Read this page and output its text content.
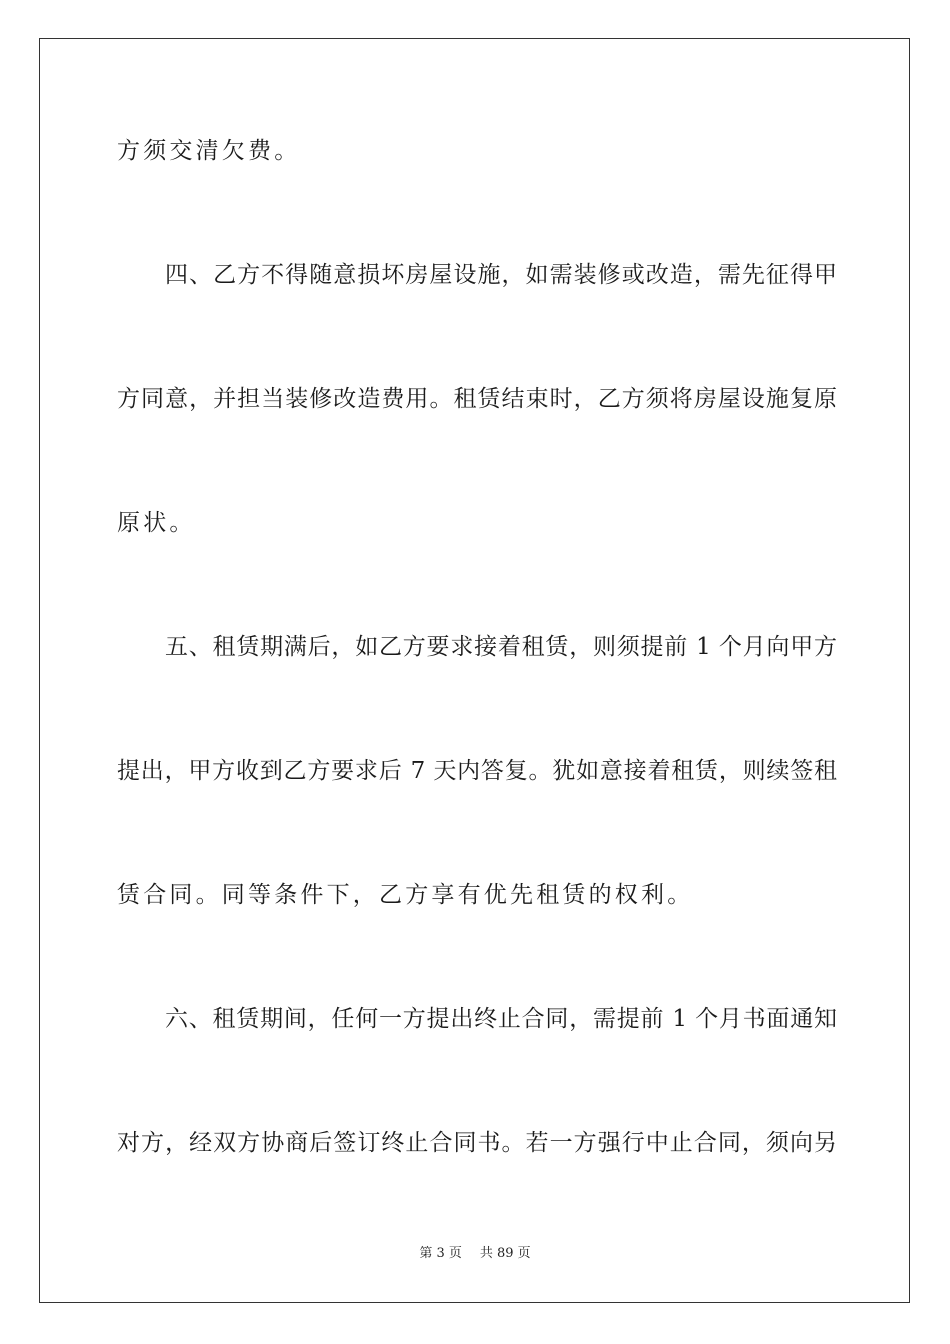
方须交清欠费。
四、乙方不得随意损坏房屋设施，如需装修或改造，需先征得甲
方同意，并担当装修改造费用。租赁结束时，乙方须将房屋设施复原
原状。
五、租赁期满后，如乙方要求接着租赁，则须提前 1 个月向甲方
提出，甲方收到乙方要求后 7 天内答复。犹如意接着租赁，则续签租
赁合同。同等条件下，乙方享有优先租赁的权利。
六、租赁期间，任何一方提出终止合同，需提前 1 个月书面通知
对方，经双方协商后签订终止合同书。若一方强行中止合同，须向另
第 3 页 共 89 页
